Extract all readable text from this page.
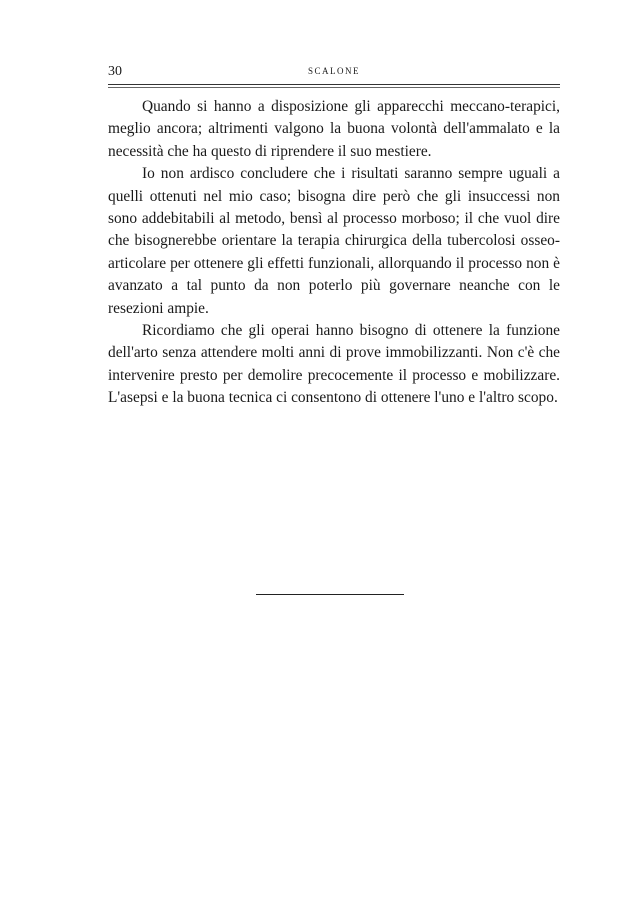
30	SCALONE

Quando si hanno a disposizione gli apparecchi meccano-terapici, meglio ancora; altrimenti valgono la buona volontà dell'ammalato e la necessità che ha questo di riprendere il suo mestiere.

Io non ardisco concludere che i risultati saranno sempre uguali a quelli ottenuti nel mio caso; bisogna dire però che gli insuccessi non sono addebitabili al metodo, bensì al processo morboso; il che vuol dire che bisognerebbe orientare la terapia chirurgica della tubercolosi osseo-articolare per ottenere gli effetti funzionali, allorquando il processo non è avanzato a tal punto da non poterlo più governare neanche con le resezioni ampie.

Ricordiamo che gli operai hanno bisogno di ottenere la funzione dell'arto senza attendere molti anni di prove immobilizzanti. Non c'è che intervenire presto per demolire precocemente il processo e mobilizzare. L'asepsi e la buona tecnica ci consentono di ottenere l'uno e l'altro scopo.
